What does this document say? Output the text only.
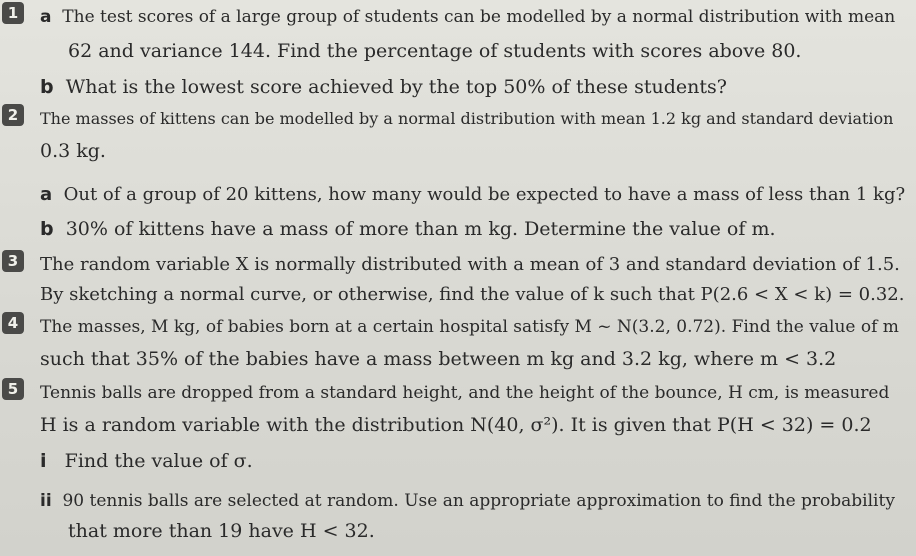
1	a The test scores of a large group of students can be modelled by a normal distribution with mean
62 and variance 144. Find the percentage of students with scores above 80.
b What is the lowest score achieved by the top 50% of these students?
2	The masses of kittens can be modelled by a normal distribution with mean 1.2 kg and standard deviation
0.3 kg.
a Out of a group of 20 kittens, how many would be expected to have a mass of less than 1 kg?
b 30% of kittens have a mass of more than m kg. Determine the value of m.
3	The random variable X is normally distributed with a mean of 3 and standard deviation of 1.5.
By sketching a normal curve, or otherwise, find the value of k such that P(2.6 < X < k) = 0.32.
4	The masses, M kg, of babies born at a certain hospital satisfy M ~ N(3.2, 0.72). Find the value of m
such that 35% of the babies have a mass between m kg and 3.2 kg, where m < 3.2
5	Tennis balls are dropped from a standard height, and the height of the bounce, H cm, is measured
H is a random variable with the distribution N(40, σ²). It is given that P(H < 32) = 0.2
i Find the value of σ.
ii 90 tennis balls are selected at random. Use an appropriate approximation to find the probability
that more than 19 have H < 32.
